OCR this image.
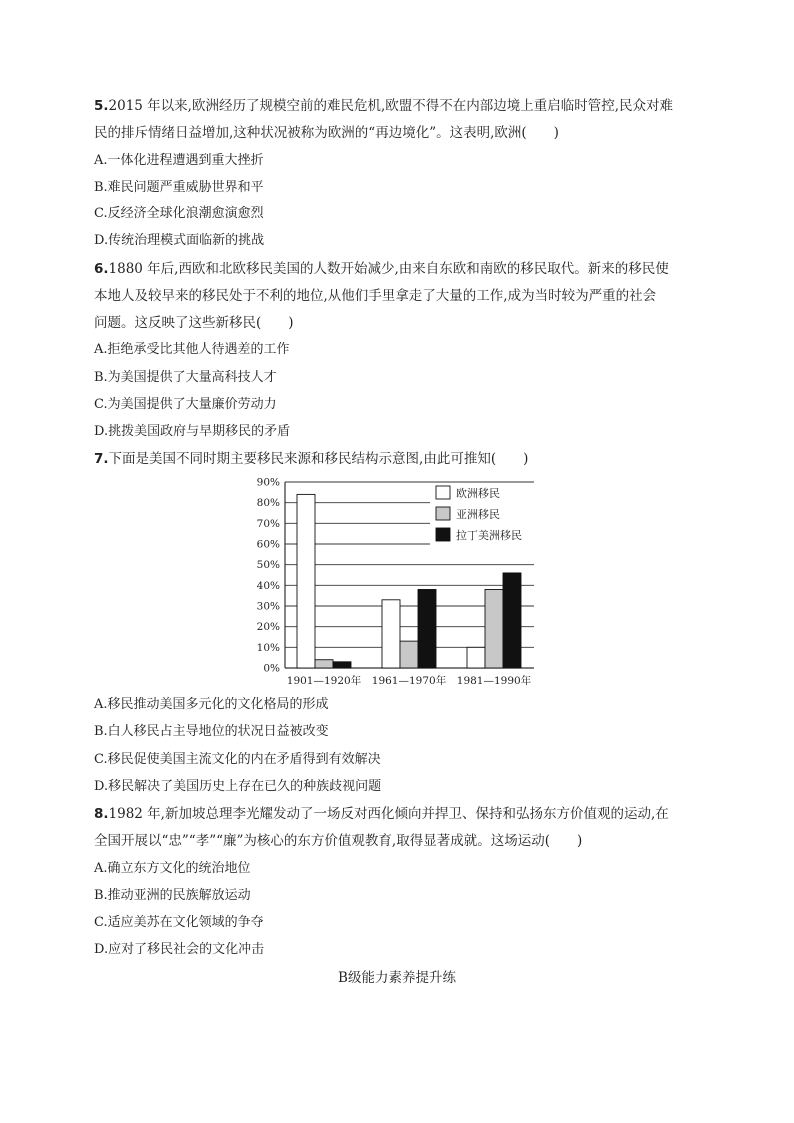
5.2015 年以来,欧洲经历了规模空前的难民危机,欧盟不得不在内部边境上重启临时管控,民众对难
民的排斥情绪日益增加,这种状况被称为欧洲的“再边境化”。这表明,欧洲(　　)
A.一体化进程遭遇到重大挫折
B.难民问题严重威胁世界和平
C.反经济全球化浪潮愈演愈烈
D.传统治理模式面临新的挑战
6.1880 年后,西欧和北欧移民美国的人数开始减少,由来自东欧和南欧的移民取代。新来的移民使
本地人及较早来的移民处于不利的地位,从他们手里拿走了大量的工作,成为当时较为严重的社会
问题。这反映了这些新移民(　　)
A.拒绝承受比其他人待遇差的工作
B.为美国提供了大量高科技人才
C.为美国提供了大量廉价劳动力
D.挑拨美国政府与早期移民的矛盾
7.下面是美国不同时期主要移民来源和移民结构示意图,由此可推知(　　)
0%
10%
20%
30%
40%
50%
60%
70%
80%
90%
1901—1920年 1961—1970年 1981—1990年
欧洲移民
亚洲移民
拉丁美洲移民
A.移民推动美国多元化的文化格局的形成
B.白人移民占主导地位的状况日益被改变
C.移民促使美国主流文化的内在矛盾得到有效解决
D.移民解决了美国历史上存在已久的种族歧视问题
8.1982 年,新加坡总理李光耀发动了一场反对西化倾向并捍卫、保持和弘扬东方价值观的运动,在
全国开展以“忠”“孝”“廉”为核心的东方价值观教育,取得显著成就。这场运动(　　)
A.确立东方文化的统治地位
B.推动亚洲的民族解放运动
C.适应美苏在文化领域的争夺
D.应对了移民社会的文化冲击
B级能力素养提升练
